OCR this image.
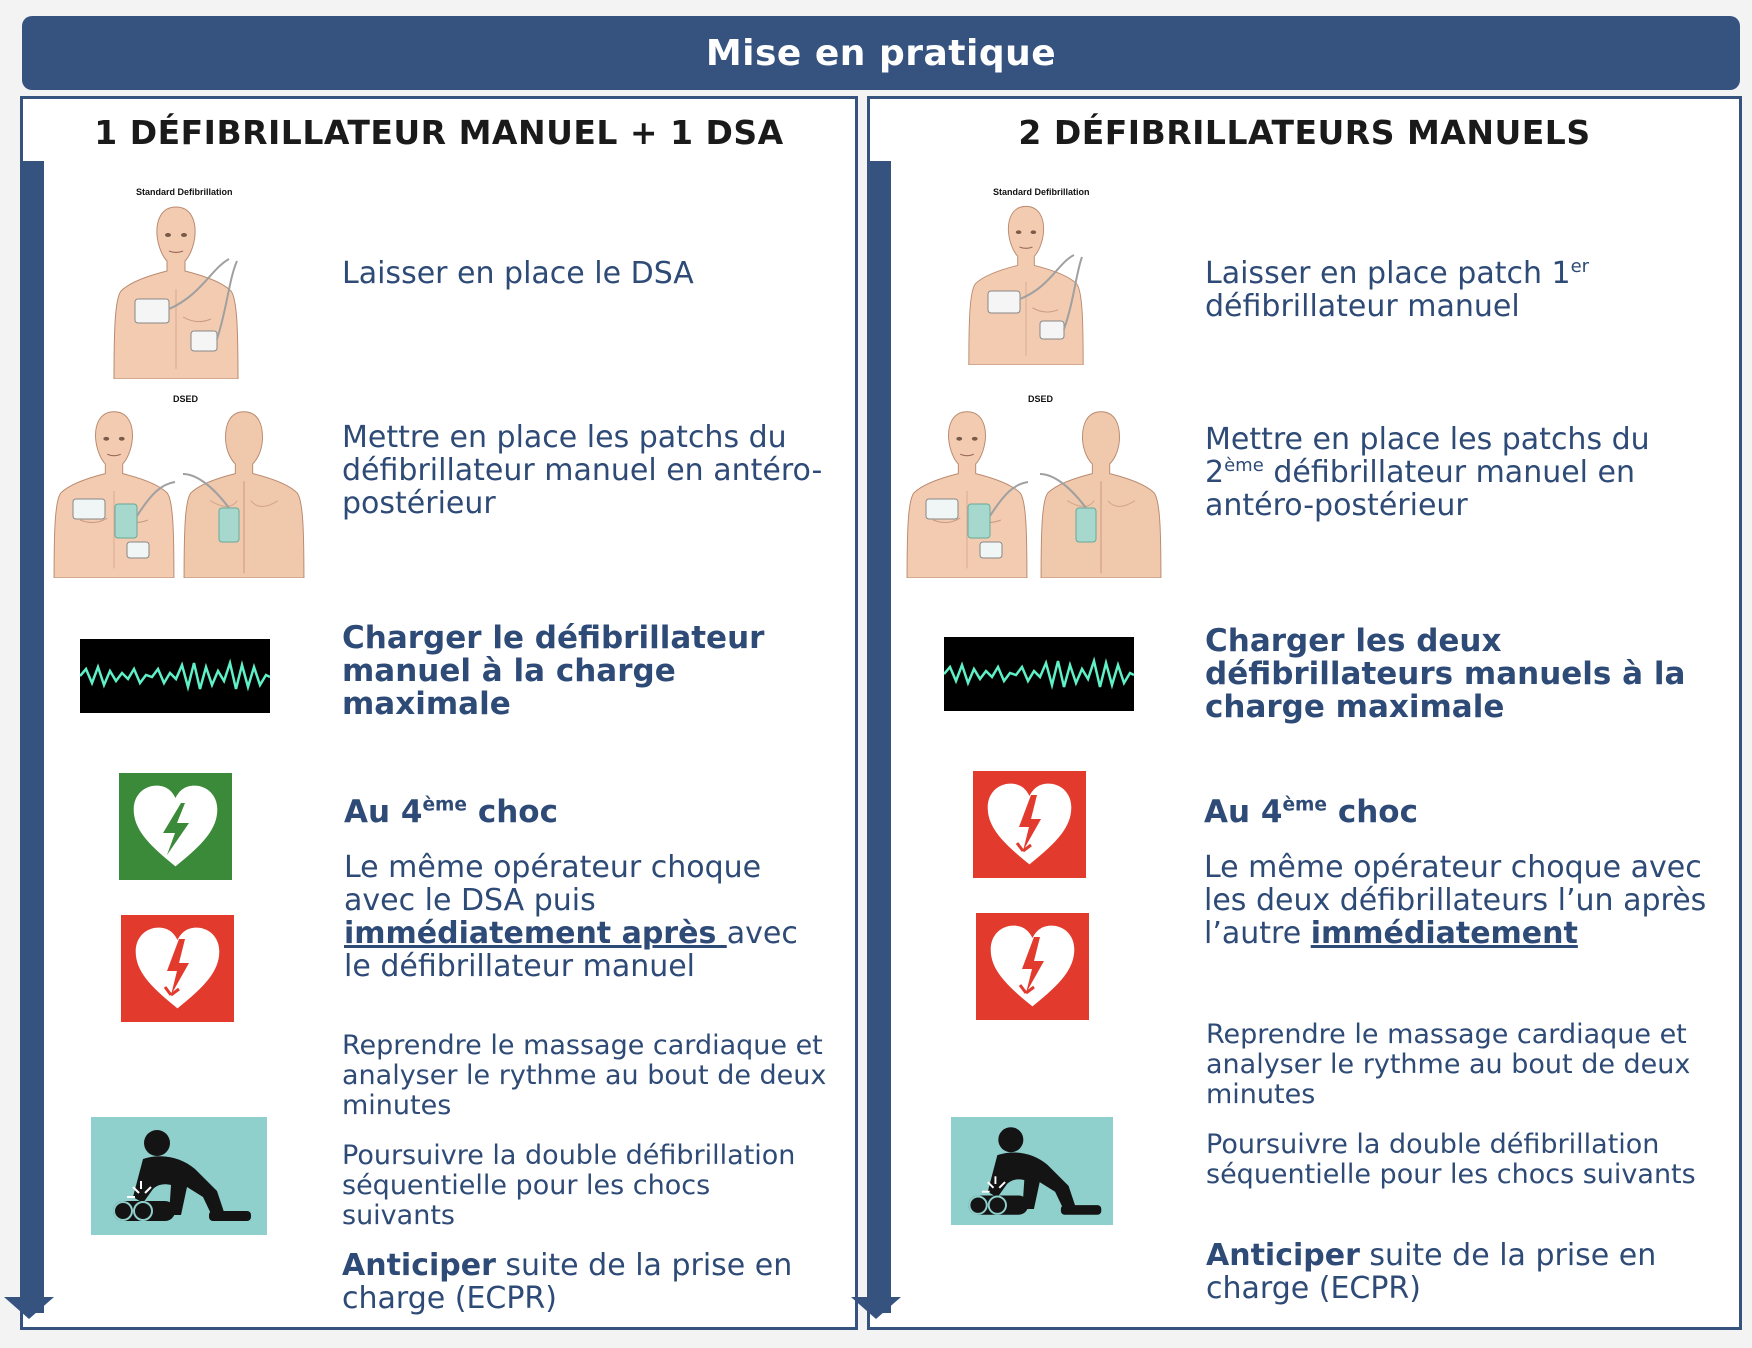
Mise en pratique
1 DÉFIBRILLATEUR MANUEL + 1 DSA
Standard Defibrillation
DSED
Laisser en place le DSA
Mettre en place les patchs du défibrillateur manuel en antéro-postérieur
Charger le défibrillateur manuel à la charge maximale
Au 4ème choc
Le même opérateur choque avec le DSA puis immédiatement après avec le défibrillateur manuel
Reprendre le massage cardiaque et analyser le rythme au bout de deux minutes
Poursuivre la double défibrillation séquentielle pour les chocs suivants
Anticiper suite de la prise en charge (ECPR)
2 DÉFIBRILLATEURS MANUELS
Standard Defibrillation
DSED
Laisser en place patch 1er défibrillateur manuel
Mettre en place les patchs du 2ème défibrillateur manuel en antéro-postérieur
Charger les deux défibrillateurs manuels à la charge maximale
Au 4ème choc
Le même opérateur choque avec les deux défibrillateurs l’un après l’autre immédiatement
Reprendre le massage cardiaque et analyser le rythme au bout de deux minutes
Poursuivre la double défibrillation séquentielle pour les chocs suivants
Anticiper suite de la prise en charge (ECPR)
